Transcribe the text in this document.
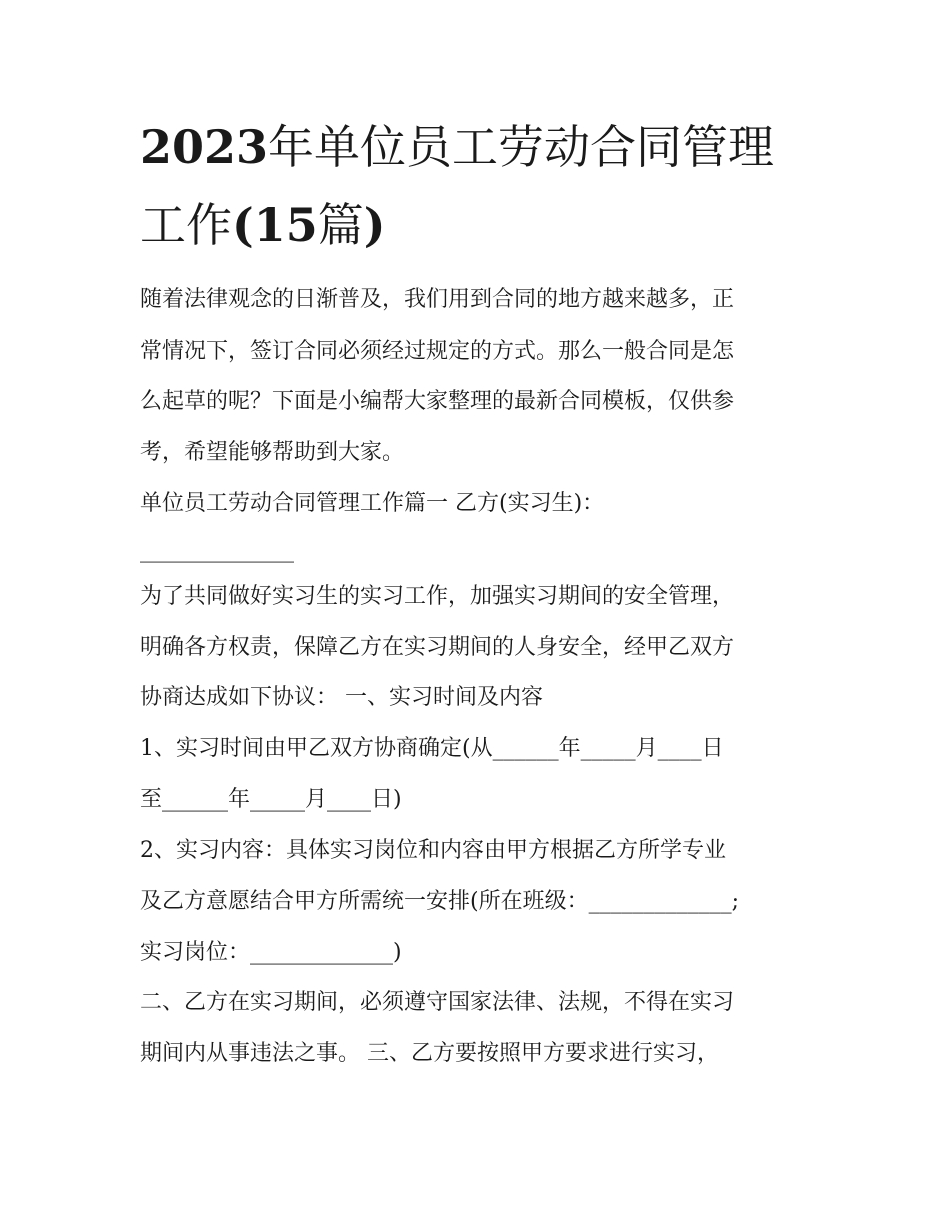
2023年单位员工劳动合同管理
工作(15篇)

随着法律观念的日渐普及，我们用到合同的地方越来越多，正

常情况下，签订合同必须经过规定的方式。那么一般合同是怎

么起草的呢？下面是小编帮大家整理的最新合同模板，仅供参

考，希望能够帮助到大家。

单位员工劳动合同管理工作篇一 乙方(实习生)：

______________

为了共同做好实习生的实习工作，加强实习期间的安全管理，

明确各方权责，保障乙方在实习期间的人身安全，经甲乙双方

协商达成如下协议： 一、实习时间及内容

1、实习时间由甲乙双方协商确定(从______年_____月____日

至______年_____月____日)

2、实习内容：具体实习岗位和内容由甲方根据乙方所学专业

及乙方意愿结合甲方所需统一安排(所在班级：_____________;

实习岗位：_____________)

二、乙方在实习期间，必须遵守国家法律、法规，不得在实习

期间内从事违法之事。 三、乙方要按照甲方要求进行实习，
